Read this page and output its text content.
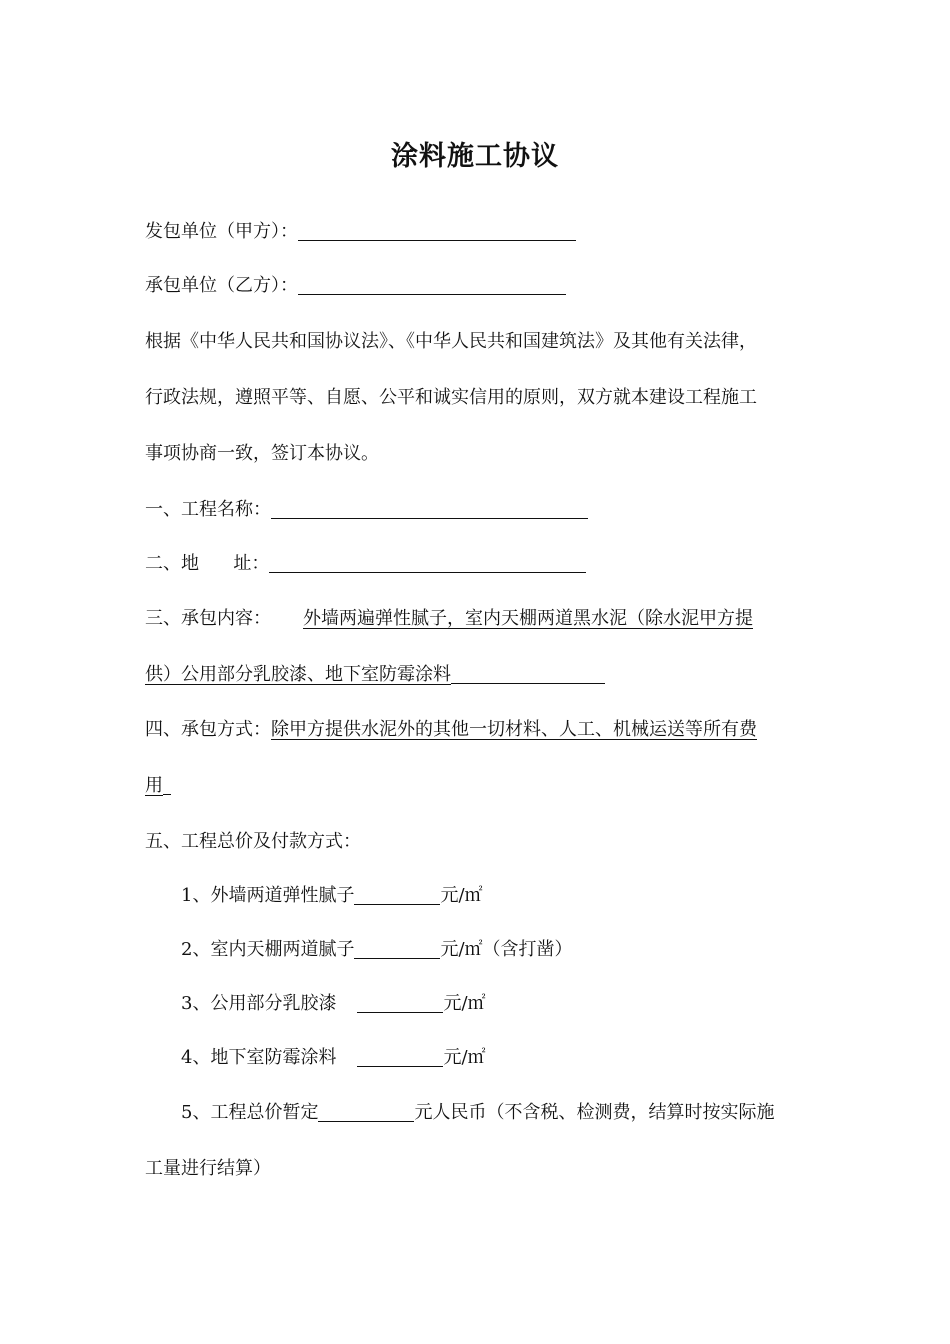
涂料施工协议
发包单位（甲方）：
承包单位（乙方）：
根据《中华人民共和国协议法》、《中华人民共和国建筑法》及其他有关法律，
行政法规，遵照平等、自愿、公平和诚实信用的原则，双方就本建设工程施工
事项协商一致，签订本协议。
一、工程名称：
二、地      址：
三、承包内容： 外墙两遍弹性腻子，室内天棚两道黑水泥（除水泥甲方提
供）公用部分乳胶漆、地下室防霉涂料
四、承包方式：除甲方提供水泥外的其他一切材料、人工、机械运送等所有费
用
五、工程总价及付款方式：
1、外墙两道弹性腻子	元/㎡
2、室内天棚两道腻子	元/㎡（含打凿）
3、公用部分乳胶漆	元/㎡
4、地下室防霉涂料	元/㎡
5、工程总价暂定	元人民币（不含税、检测费，结算时按实际施
工量进行结算）
